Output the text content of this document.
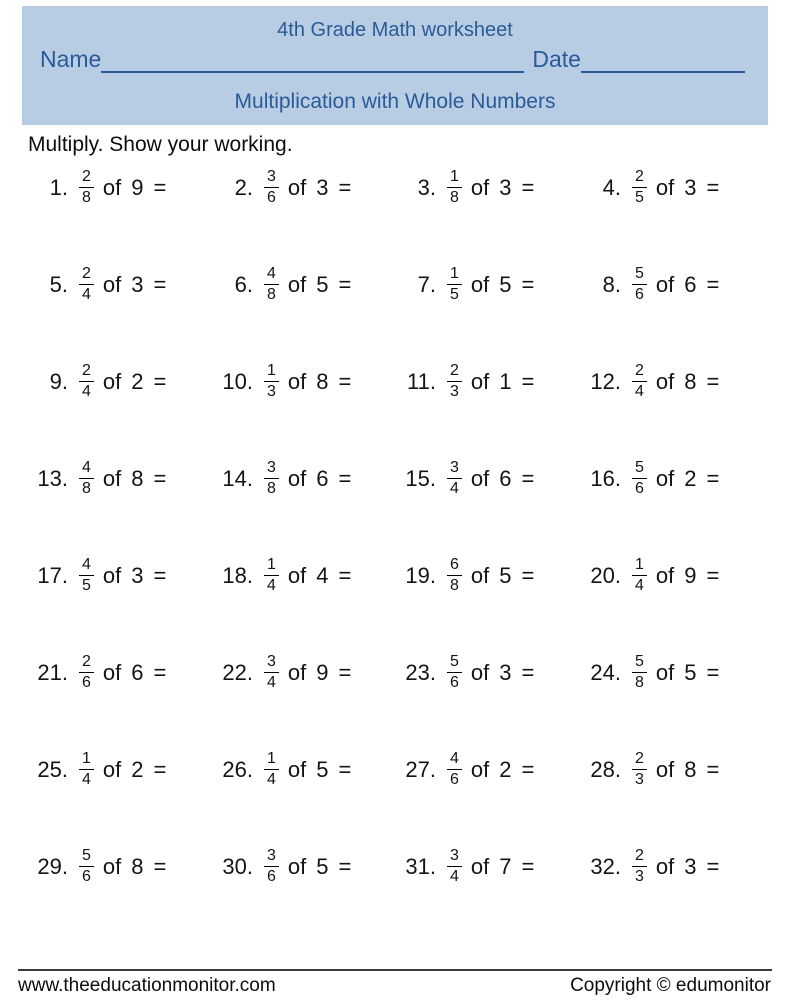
4th Grade Math worksheet
Name	Date
Multiplication with Whole Numbers
Multiply. Show your working.
1. $\frac{2}{8}$ of 9 =	2. $\frac{3}{6}$ of 3 =	3. $\frac{1}{8}$ of 3 =	4. $\frac{2}{5}$ of 3 =
5. $\frac{2}{4}$ of 3 =	6. $\frac{4}{8}$ of 5 =	7. $\frac{1}{5}$ of 5 =	8. $\frac{5}{6}$ of 6 =
9. $\frac{2}{4}$ of 2 =	10. $\frac{1}{3}$ of 8 =	11. $\frac{2}{3}$ of 1 =	12. $\frac{2}{4}$ of 8 =
13. $\frac{4}{8}$ of 8 =	14. $\frac{3}{8}$ of 6 =	15. $\frac{3}{4}$ of 6 =	16. $\frac{5}{6}$ of 2 =
17. $\frac{4}{5}$ of 3 =	18. $\frac{1}{4}$ of 4 =	19. $\frac{6}{8}$ of 5 =	20. $\frac{1}{4}$ of 9 =
21. $\frac{2}{6}$ of 6 =	22. $\frac{3}{4}$ of 9 =	23. $\frac{5}{6}$ of 3 =	24. $\frac{5}{8}$ of 5 =
25. $\frac{1}{4}$ of 2 =	26. $\frac{1}{4}$ of 5 =	27. $\frac{4}{6}$ of 2 =	28. $\frac{2}{3}$ of 8 =
29. $\frac{5}{6}$ of 8 =	30. $\frac{3}{6}$ of 5 =	31. $\frac{3}{4}$ of 7 =	32. $\frac{2}{3}$ of 3 =
www.theeducationmonitor.com	Copyright © edumonitor
